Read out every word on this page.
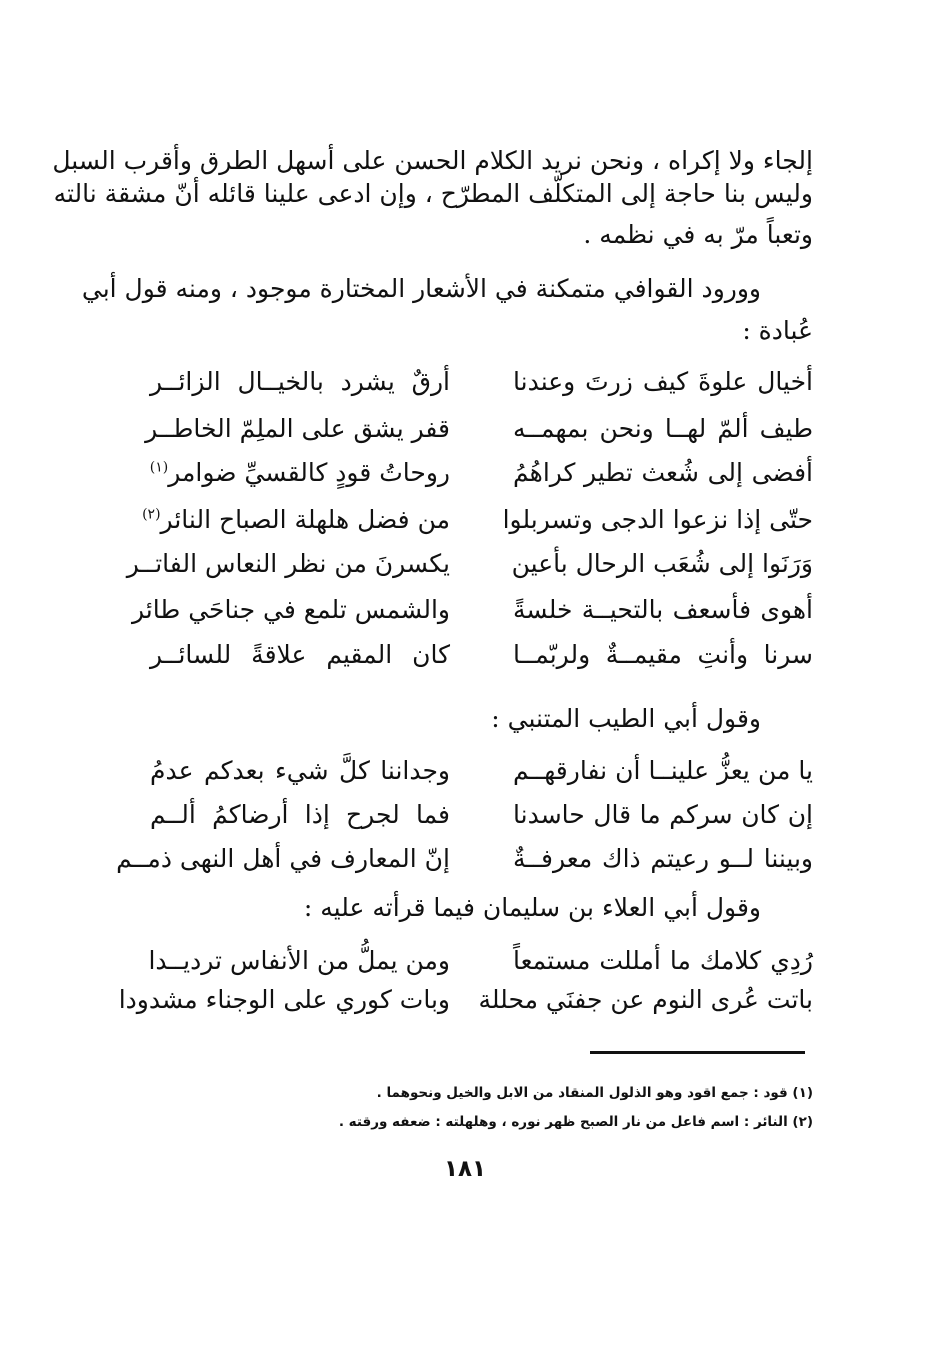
إلجاء ولا إكراه ، ونحن نريد الكلام الحسن على أسهل الطرق وأقرب السبل
وليس بنا حاجة إلى المتكلّف المطرّح ، وإن ادعى علينا قائله أنّ مشقة نالته
وتعباً مرّ به في نظمه .
وورود القوافي متمكنة في الأشعار المختارة موجود ، ومنه قول أبي
عُبادة :
أخيال علوةَ كيف زرتَ وعندنا
أرقٌ يشرد بالخيــال الزائــر
طيف ألمّ لهــا ونحن بمهمــه
قفر يشق على الملِمّ الخاطــر
أفضى إلى شُعث تطير كراهُمُ
روحاتُ قودٍ كالقسيِّ ضوامر$^{(١)}$
حتّى إذا نزعوا الدجى وتسربلوا
من فضل هلهلة الصباح النائر$^{(٢)}$
وَرَنَوا إلى شُعَب الرحال بأعين
يكسرنَ من نظر النعاس الفاتــر
أهوى فأسعف بالتحيــة خلسةً
والشمس تلمع في جناحَي طائر
سرنا وأنتِ مقيمــةٌ ولربّمــا
كان المقيم علاقةً للسائــر
وقول أبي الطيب المتنبي :
يا من يعزُّ علينــا أن نفارقهــم
وجداننا كلَّ شيء بعدكم عدمُ
إن كان سركم ما قال حاسدنا
فما لجرح إذا أرضاكمُ ألــم
وبيننا لــو رعيتم ذاك معرفــةٌ
إنّ المعارف في أهل النهى ذمــم
وقول أبي العلاء بن سليمان فيما قرأته عليه :
رُدِي كلامك ما أمللت مستمعاً
ومن يملُّ من الأنفاس ترديــدا
باتت عُرى النوم عن جفنَي محللة
وبات كوري على الوجناء مشدودا
(١) قود : جمع اقود وهو الذلول المنقاد من الابل والخيل ونحوهما .
(٢) النائر : اسم فاعل من نار الصبح ظهر نوره ، وهلهلته : ضعفه ورقته .
١٨١
